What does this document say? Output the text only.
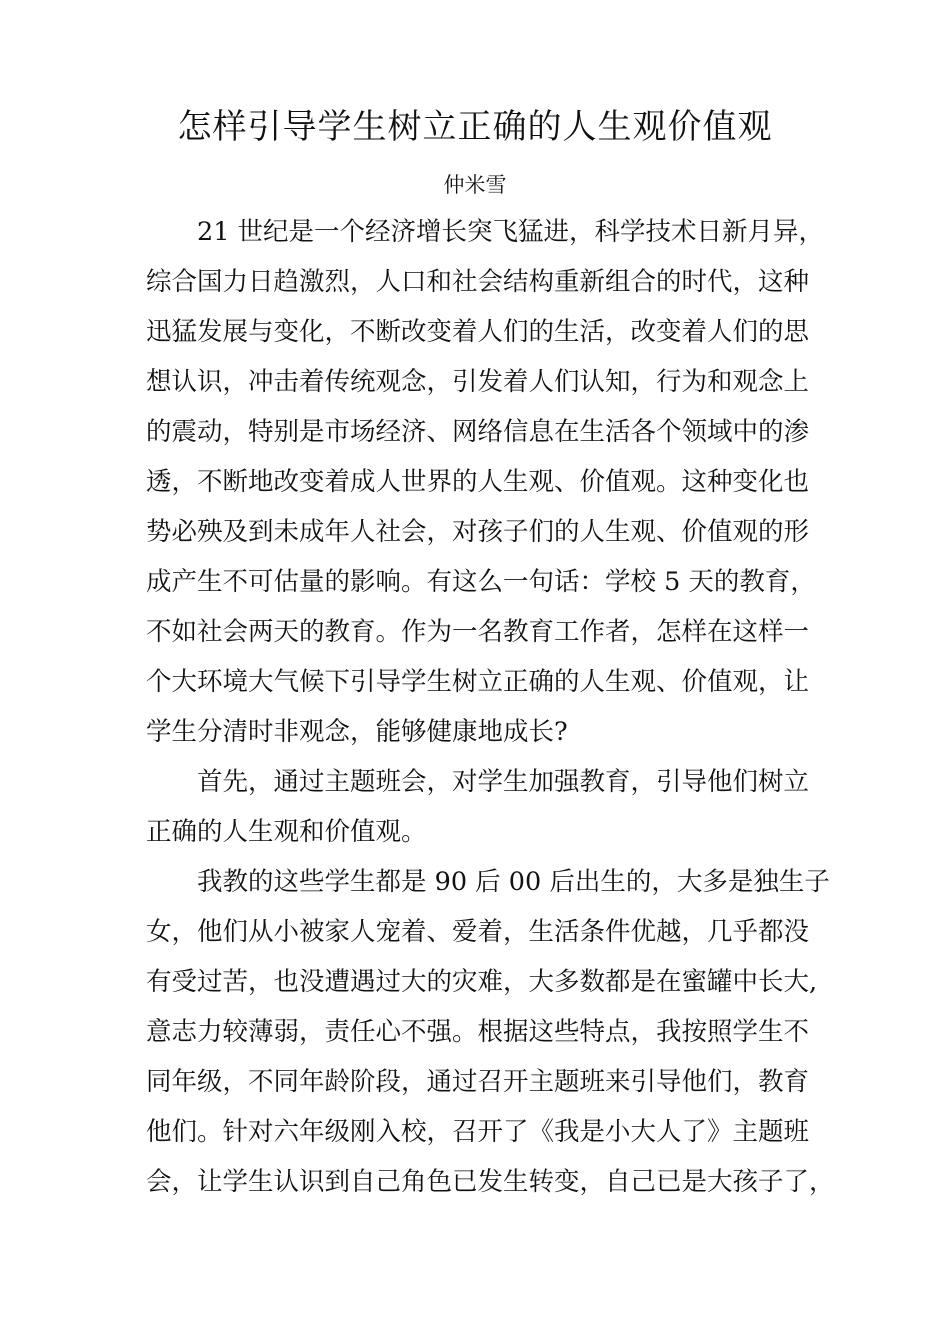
怎样引导学生树立正确的人生观价值观

仲米雪

21 世纪是一个经济增长突飞猛进，科学技术日新月异，

综合国力日趋激烈，人口和社会结构重新组合的时代，这种

迅猛发展与变化，不断改变着人们的生活，改变着人们的思

想认识，冲击着传统观念，引发着人们认知，行为和观念上

的震动，特别是市场经济、网络信息在生活各个领域中的渗

透，不断地改变着成人世界的人生观、价值观。这种变化也

势必殃及到未成年人社会，对孩子们的人生观、价值观的形

成产生不可估量的影响。有这么一句话：学校 5 天的教育，

不如社会两天的教育。作为一名教育工作者，怎样在这样一

个大环境大气候下引导学生树立正确的人生观、价值观，让

学生分清时非观念，能够健康地成长?

首先，通过主题班会，对学生加强教育，引导他们树立

正确的人生观和价值观。

我教的这些学生都是 90 后 00 后出生的，大多是独生子

女，他们从小被家人宠着、爱着，生活条件优越，几乎都没

有受过苦，也没遭遇过大的灾难，大多数都是在蜜罐中长大,

意志力较薄弱，责任心不强。根据这些特点，我按照学生不

同年级，不同年龄阶段，通过召开主题班来引导他们，教育

他们。针对六年级刚入校，召开了《我是小大人了》主题班

会，让学生认识到自己角色已发生转变，自己已是大孩子了，
